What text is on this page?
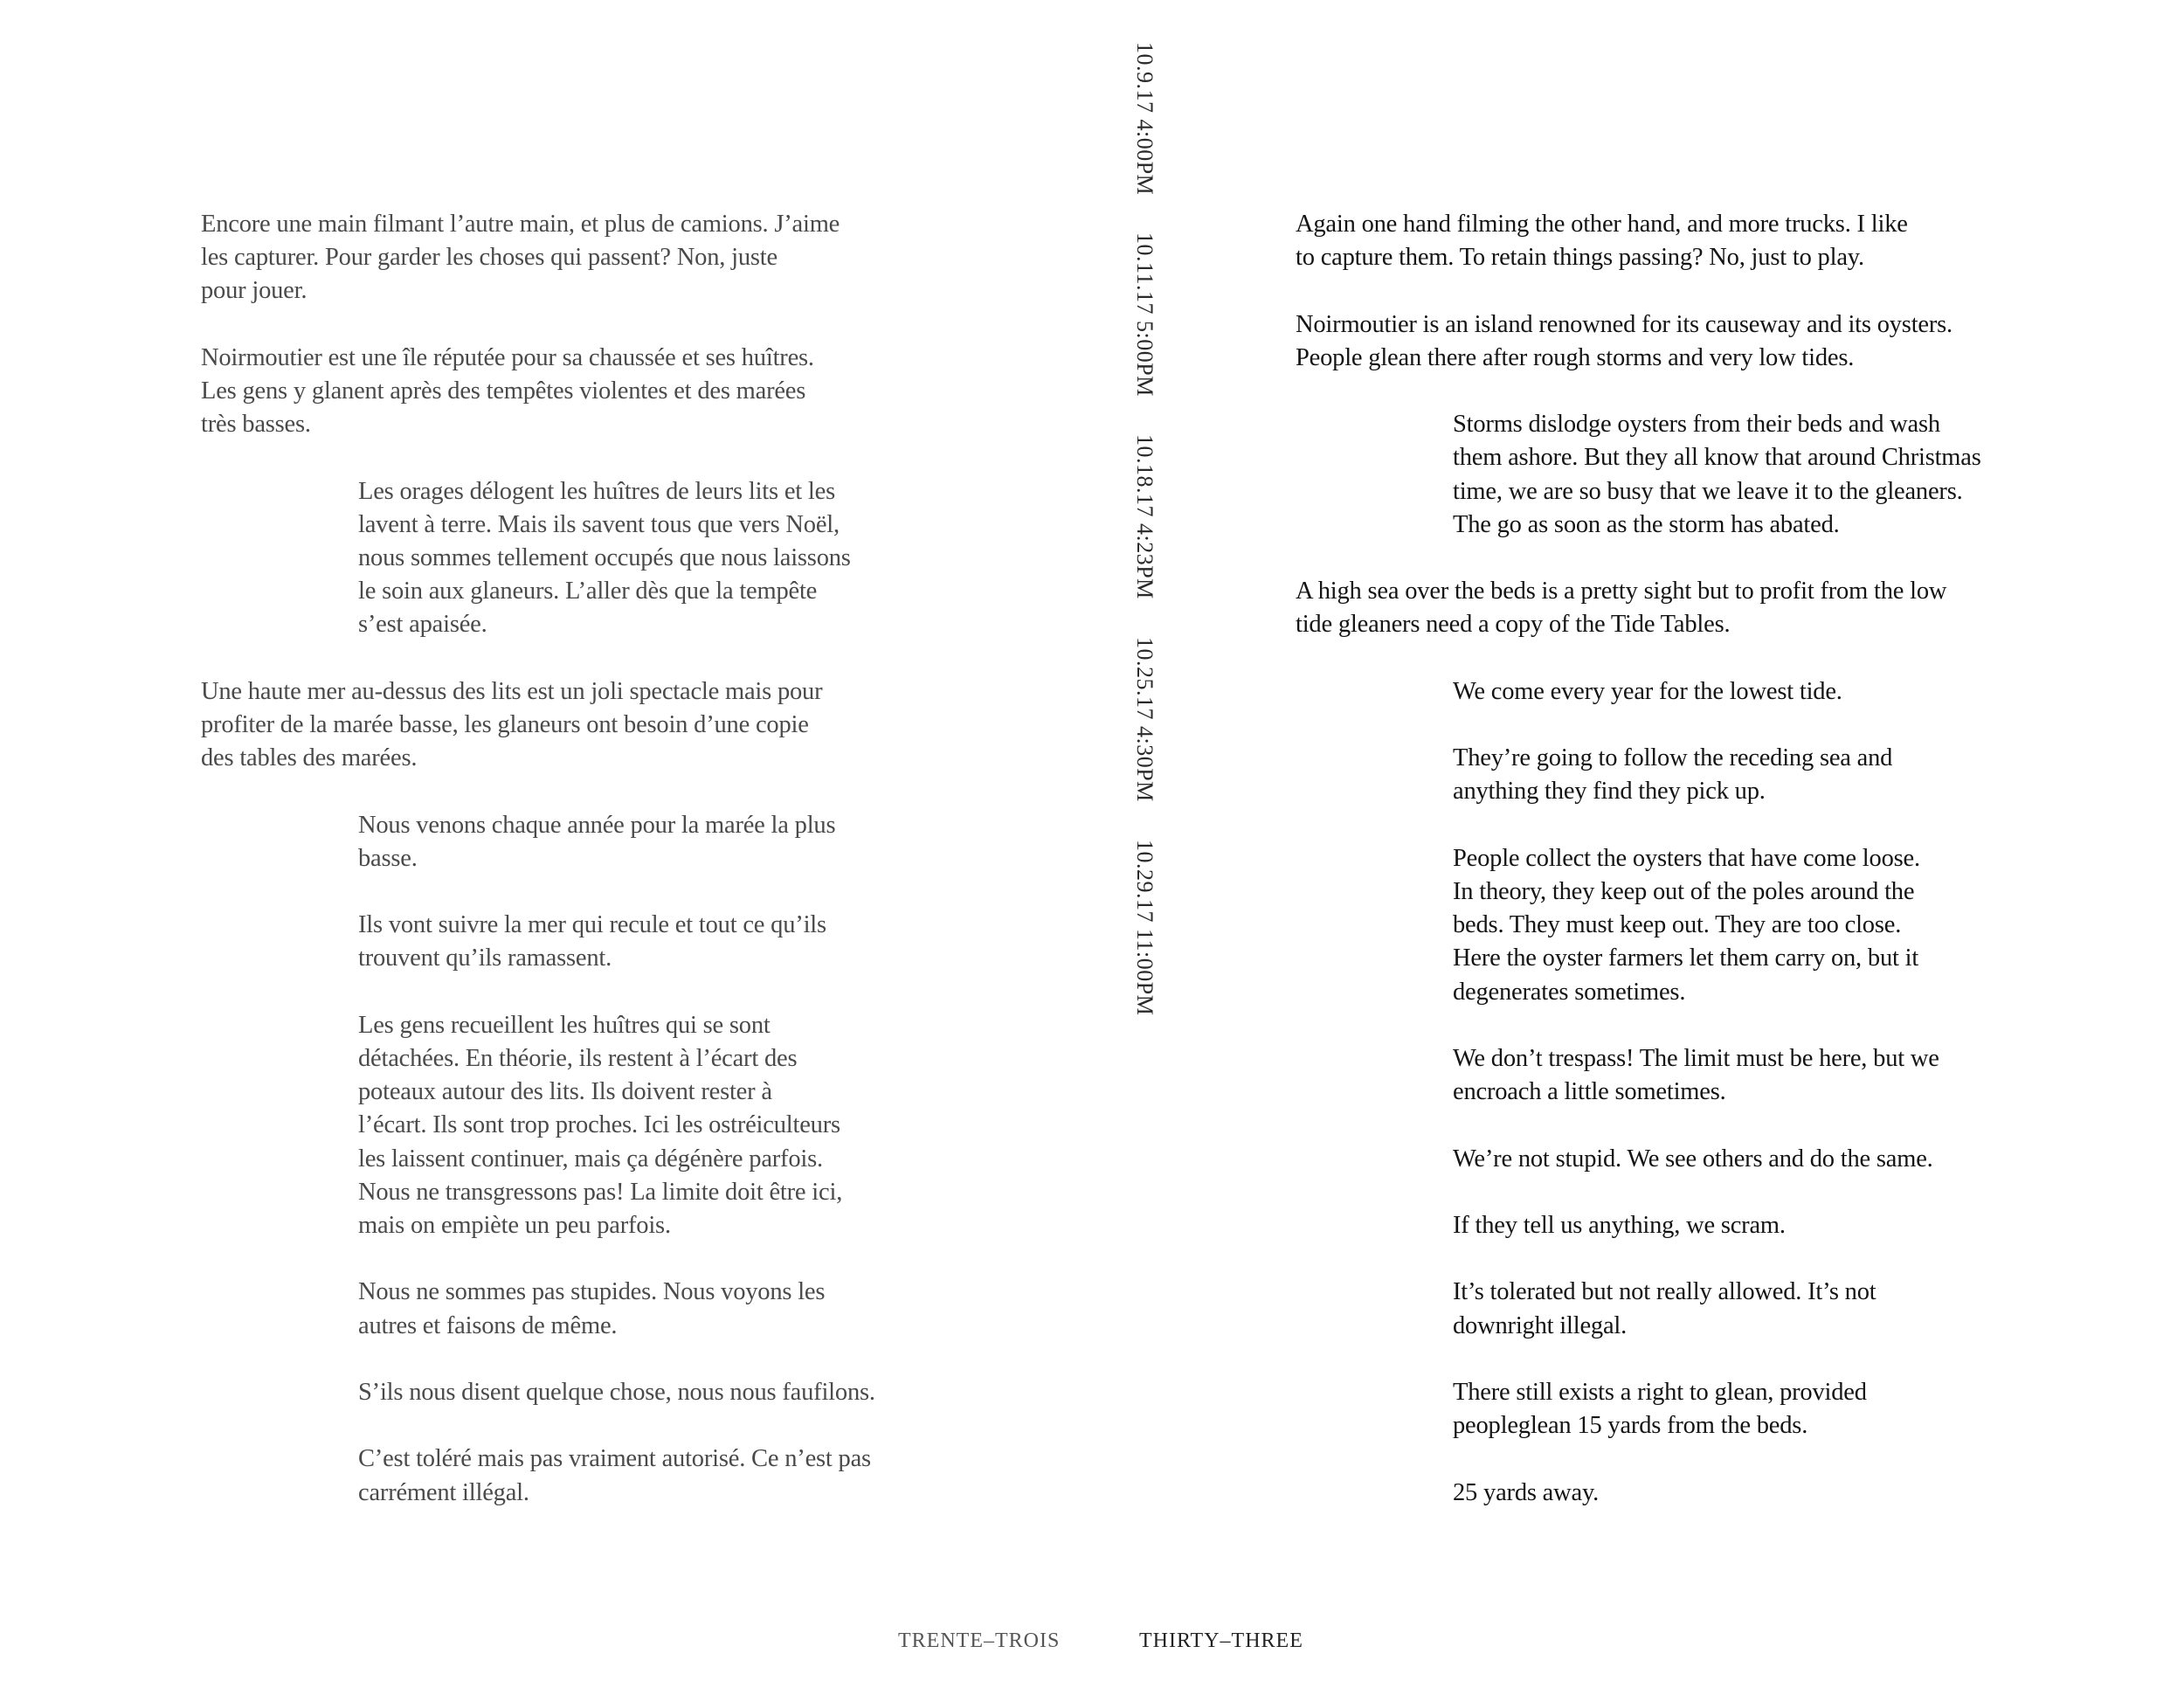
Encore une main filmant l’autre main, et plus de camions. J’aime
les capturer. Pour garder les choses qui passent? Non, juste
pour jouer.

Noirmoutier est une île réputée pour sa chaussée et ses huîtres.
Les gens y glanent après des tempêtes violentes et des marées
très basses.

Les orages délogent les huîtres de leurs lits et les
lavent à terre. Mais ils savent tous que vers Noël,
nous sommes tellement occupés que nous laissons
le soin aux glaneurs. L’aller dès que la tempête
s’est apaisée.

Une haute mer au-dessus des lits est un joli spectacle mais pour
profiter de la marée basse, les glaneurs ont besoin d’une copie
des tables des marées.

Nous venons chaque année pour la marée la plus
basse.

Ils vont suivre la mer qui recule et tout ce qu’ils
trouvent qu’ils ramassent.

Les gens recueillent les huîtres qui se sont
détachées. En théorie, ils restent à l’écart des
poteaux autour des lits. Ils doivent rester à
l’écart. Ils sont trop proches. Ici les ostréiculteurs
les laissent continuer, mais ça dégénère parfois.
Nous ne transgressons pas! La limite doit être ici,
mais on empiète un peu parfois.

Nous ne sommes pas stupides. Nous voyons les
autres et faisons de même.

S’ils nous disent quelque chose, nous nous faufilons.

C’est toléré mais pas vraiment autorisé. Ce n’est pas
carrément illégal.

10.9.17 4:00PM 10.11.17 5:00PM 10.18.17 4:23PM 10.25.17 4:30PM 10.29.17 11:00PM

Again one hand filming the other hand, and more trucks. I like
to capture them. To retain things passing? No, just to play.

Noirmoutier is an island renowned for its causeway and its oysters.
People glean there after rough storms and very low tides.

Storms dislodge oysters from their beds and wash
them ashore. But they all know that around Christmas
time, we are so busy that we leave it to the gleaners.
The go as soon as the storm has abated.

A high sea over the beds is a pretty sight but to profit from the low
tide gleaners need a copy of the Tide Tables.

We come every year for the lowest tide.

They’re going to follow the receding sea and
anything they find they pick up.

People collect the oysters that have come loose.
In theory, they keep out of the poles around the
beds. They must keep out. They are too close.
Here the oyster farmers let them carry on, but it
degenerates sometimes.

We don’t trespass! The limit must be here, but we
encroach a little sometimes.

We’re not stupid. We see others and do the same.

If they tell us anything, we scram.

It’s tolerated but not really allowed. It’s not
downright illegal.

There still exists a right to glean, provided
peopleglean 15 yards from the beds.

25 yards away.

TRENTE–TROIS	THIRTY–THREE
